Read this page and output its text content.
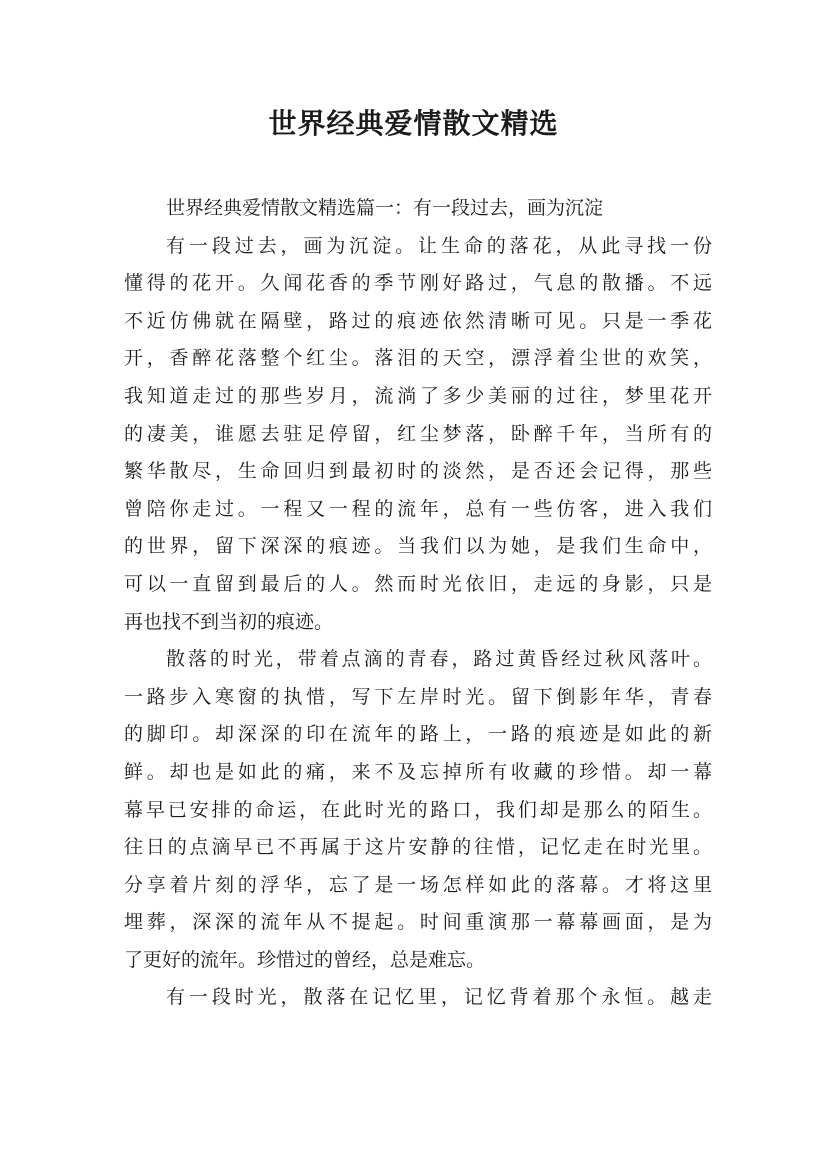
世界经典爱情散文精选
世界经典爱情散文精选篇一：有一段过去，画为沉淀
有一段过去，画为沉淀。让生命的落花，从此寻找一份
懂得的花开。久闻花香的季节刚好路过，气息的散播。不远
不近仿佛就在隔壁，路过的痕迹依然清晰可见。只是一季花
开，香醉花落整个红尘。落泪的天空，漂浮着尘世的欢笑，
我知道走过的那些岁月，流淌了多少美丽的过往，梦里花开
的凄美，谁愿去驻足停留，红尘梦落，卧醉千年，当所有的
繁华散尽，生命回归到最初时的淡然，是否还会记得，那些
曾陪你走过。一程又一程的流年，总有一些仿客，进入我们
的世界，留下深深的痕迹。当我们以为她，是我们生命中，
可以一直留到最后的人。然而时光依旧，走远的身影，只是
再也找不到当初的痕迹。
散落的时光，带着点滴的青春，路过黄昏经过秋风落叶。
一路步入寒窗的执惜，写下左岸时光。留下倒影年华，青春
的脚印。却深深的印在流年的路上，一路的痕迹是如此的新
鲜。却也是如此的痛，来不及忘掉所有收藏的珍惜。却一幕
幕早已安排的命运，在此时光的路口，我们却是那么的陌生。
往日的点滴早已不再属于这片安静的往惜，记忆走在时光里。
分享着片刻的浮华，忘了是一场怎样如此的落幕。才将这里
埋葬，深深的流年从不提起。时间重演那一幕幕画面，是为
了更好的流年。珍惜过的曾经，总是难忘。
有一段时光，散落在记忆里，记忆背着那个永恒。越走
